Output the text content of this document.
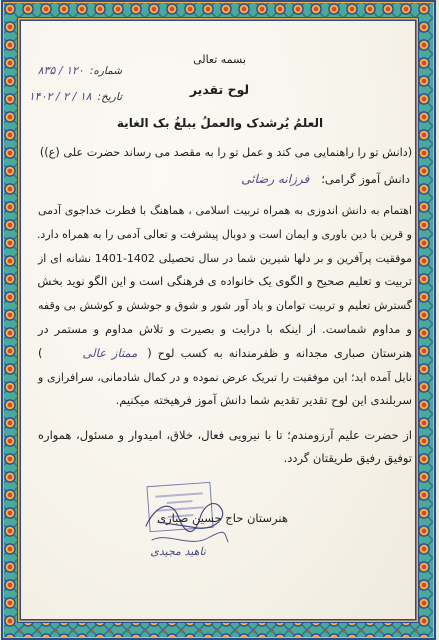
بسمه تعالی
لوح تقدیر
شماره:۱۲۰ / ۸۳۵
تاریخ:۱۸ / ۲ / ۱۴۰۲
العلمُ یُرشدک والعملُ یبلغُ بک الغایة
(دانش تو را راهنمایی می کند و عمل تو را به مقصد می رساند حضرت علی (ع))
دانش آموز گرامی؛فرزانه رضائی
اهتمام به دانش اندوزی به همراه تربیت اسلامی ، هماهنگ با فطرت خداجوی آدمی
و قرین با دین باوری و ایمان است و دوبال پیشرفت و تعالی آدمی را به همراه دارد.
موفقیت پرآفرین و بر دلها شیرین شما در سال تحصیلی 1402-1401 نشانه ای از
تربیت و تعلیم صحیح و الگوی یک خانواده ی فرهنگی است و این الگو نوید بخش
گسترش تعلیم و تربیت توامان و یاد آور شور و شوق و جوشش و کوشش بی وقفه
و مداوم شماست. از اینکه با درایت و بصیرت و تلاش مداوم و مستمر در
هنرستان صباری مجدانه و ظفرمندانه به کسب لوح (ممتاز عالی)
نایل آمده اید؛ این موفقیت را تبریک عرض نموده و در کمال شادمانی، سرافرازی و
سربلندی این لوح تقدیر تقدیم شما دانش آموز فرهیخته میکنیم.
از حضرت علیم آرزومندم؛ تا با نیرویی فعال، خلاق، امیدوار و مسئول، همواره
توفیق رفیق طریقتان گردد.
هنرستان حاج حسین صباری
ناهید مجیدی
